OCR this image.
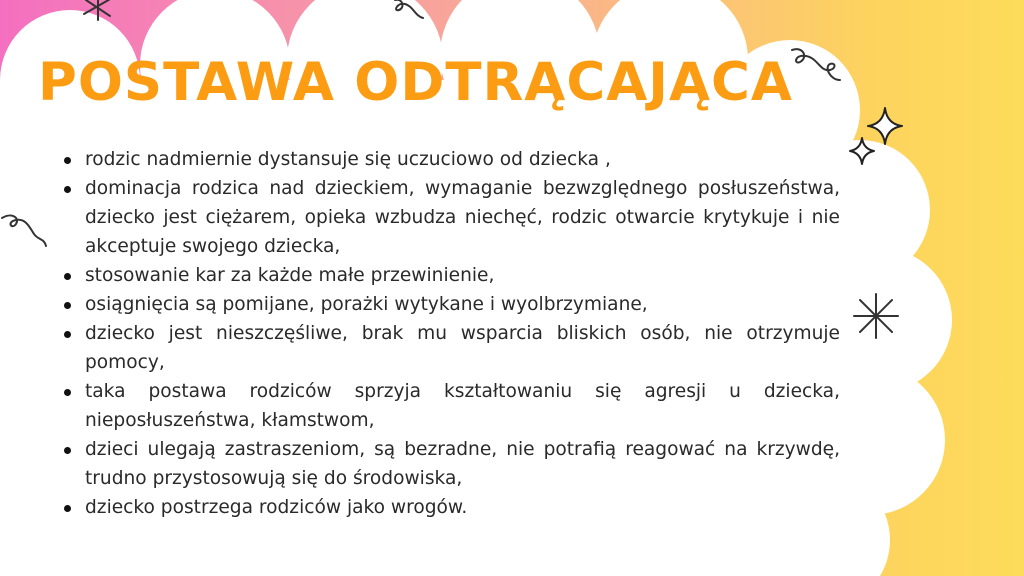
POSTAWA ODTRĄCAJĄCA
rodzic nadmiernie dystansuje się uczuciowo od dziecka ,
dominacja rodzica nad dzieckiem, wymaganie bezwzględnego posłuszeństwa, dziecko jest ciężarem, opieka wzbudza niechęć, rodzic otwarcie krytykuje i nie akceptuje swojego dziecka,
stosowanie kar za każde małe przewinienie,
osiągnięcia są pomijane, porażki wytykane i wyolbrzymiane,
dziecko jest nieszczęśliwe, brak mu wsparcia bliskich osób, nie otrzymuje pomocy,
taka postawa rodziców sprzyja kształtowaniu się agresji u dziecka, nieposłuszeństwa, kłamstwom,
dzieci ulegają zastraszeniom, są bezradne, nie potrafią reagować na krzywdę, trudno przystosowują się do środowiska,
dziecko postrzega rodziców jako wrogów.
